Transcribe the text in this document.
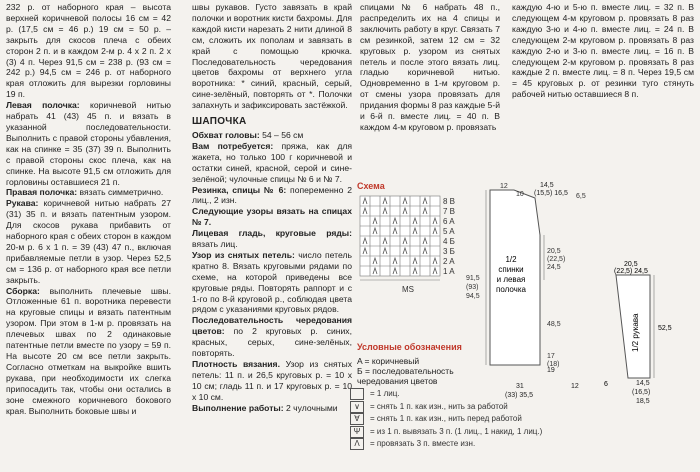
232 р. от наборного края – высота верхней коричневой полосы 16 см = 42 р. (17,5 см = 46 р.) 19 см = 50 р. – закрыть для скосов плеча с обеих сторон 2 п. и в каждом 2-м р. 4 x 2 п. 2 x (3) 4 п. Через 91,5 см = 238 р. (93 см = 242 р.) 94,5 см = 246 р. от наборного края отложить для вырезки горловины 19 п.

Левая полочка: коричневой нитью набрать 41 (43) 45 п. и вязать в указанной последовательности. Выполнить с правой стороны убавления, как на спинке = 35 (37) 39 п. Выполнить с правой стороны скос плеча, как на спинке. На высоте 91,5 см отложить для горловины оставшиеся 21 п.

Правая полочка: вязать симметрично.

Рукава: коричневой нитью набрать 27 (31) 35 п. и вязать патентным узором. Для скосов рукава прибавить от наборного края с обеих сторон в каждом 20-м р. 6 x 1 п. = 39 (43) 47 п., включая прибавляемые петли в узор. Через 52,5 см = 136 р. от наборного края все петли закрыть.

Сборка: выполнить плечевые швы. Отложенные 61 п. воротника перевести на круговые спицы и вязать патентным узором. При этом в 1-м р. провязать на плечевых швах по 2 одинаковые патентные петли вместе по узору = 59 п. На высоте 20 см все петли закрыть. Согласно отметкам на выкройке вшить рукава, при необходимости их слегка припосадить так, чтобы они остались в зоне смежного коричневого бокового края. Выполнить боковые швы и

швы рукавов. Густо завязать в край полочки и воротник кисти бахромы. Для каждой кисти нарезать 2 нити длиной 8 см, сложить их пополам и завязать в край с помощью крючка. Последовательность чередования цветов бахромы от верхнего угла воротника: * синий, красный, серый, сине-зелёный, повторять от *. Полочки запахнуть и зафиксировать застёжкой.

ШАПОЧКА

Обхват головы: 54 – 56 см

Вам потребуется: пряжа, как для жакета, но только 100 г коричневой и остатки синей, красной, серой и сине-зелёной; чулочные спицы № 6 и № 7.

Резинка, спицы № 6: попеременно 2 лиц., 2 изн.

Следующие узоры вязать на спицах № 7.

Лицевая гладь, круговые ряды: вязать лиц.

Узор из снятых петель: число петель кратно 8. Вязать круговыми рядами по схеме, на которой приведены все круговые ряды. Повторять раппорт и с 1-го по 8-й круговой р., соблюдая цвета рядом с указаниями круговых рядов.

Последовательность чередования цветов: по 2 круговых р. синих, красных, серых, сине-зелёных, повторять.

Плотность вязания. Узор из снятых петель: 11 п. и 26,5 круговых р. = 10 x 10 см; гладь 11 п. и 17 круговых р. = 10 x 10 см.

Выполнение работы: 2 чулочными

спицами № 6 набрать 48 п., распределить их на 4 спицы и заключить работу в круг. Связать 7 см резинкой, затем 12 см = 32 круговых р. узором из снятых петель и после этого вязать лиц. гладью коричневой нитью. Одновременно в 1-м круговом р. от смены узора провязать для придания формы 8 раз каждые 5-й и 6-й п. вместе лиц. = 40 п. В каждом 4-м круговом р. провязать

каждую 4-ю и 5-ю п. вместе лиц. = 32 п. В следующем 4-м круговом р. провязать 8 раз каждую 3-ю и 4-ю п. вместе лиц. = 24 п. В следующем 2-м круговом р. провязать 8 раз каждую 2-ю и 3-ю п. вместе лиц. = 16 п. В следующем 2-м круговом р. провязать 8 раз каждые 2 п. вместе лиц. = 8 п. Через 19,5 см = 45 круговых р. от резинки туго стянуть рабочей нитью оставшиеся 8 п.

Схема
MS
8 B
7 B
6 A
5 A
4 Б
3 Б
2 A
1 A
Условные обозначения
A = коричневый
Б = последовательность чередования цветов
= 1 лиц.
∨	= снять 1 п. как изн., нить за работой
∀	= снять 1 п. как изн., нить перед работой
Ψ	= из 1 п. вывязать 3 п. (1 лиц., 1 накид, 1 лиц.)
Λ	= провязать 3 п. вместе изн.
1/2
спинки
и левая
полочка
12
10	6,5
91,5
(93)
94,5
20,5
(22,5)
24,5
48,5
17
(18)
14,5
(15,5) 16,5
19
31
(33) 35,5
12
1/2 рукава
20,5
(22,5) 24,5
52,5
6	14,5
(16,5)
18,5
